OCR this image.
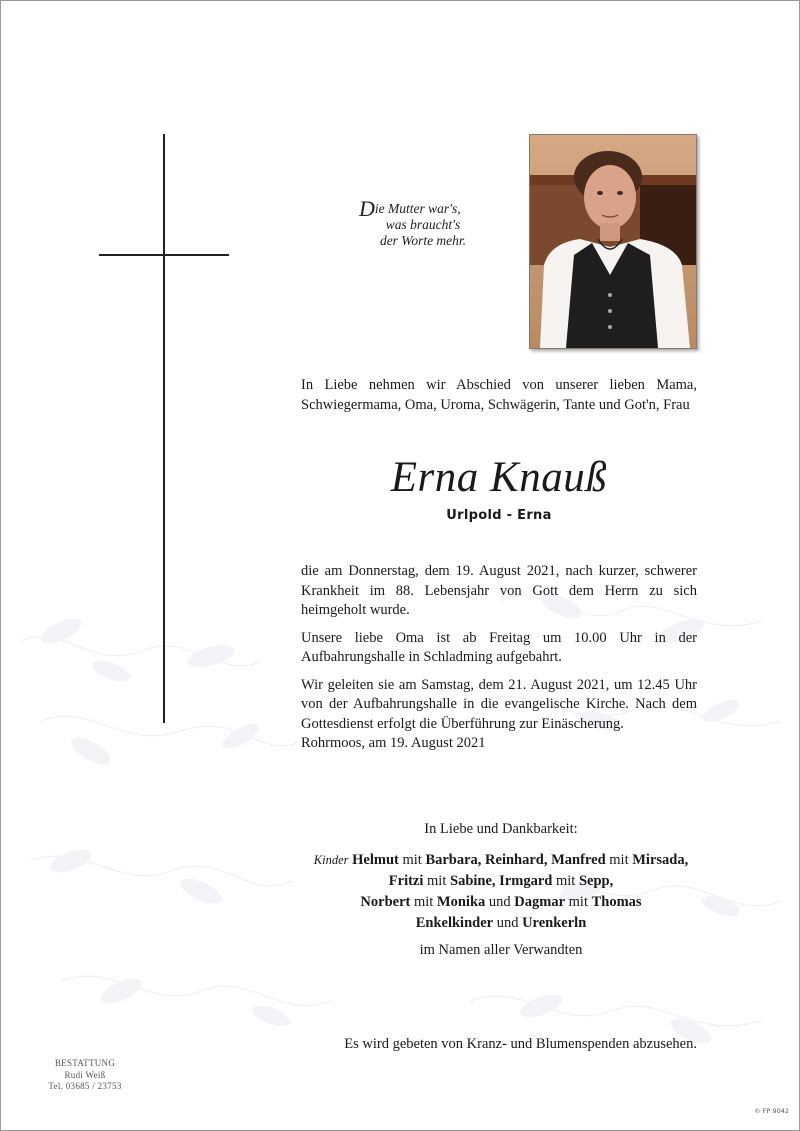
Die Mutter war's,
was braucht's
der Worte mehr.
In Liebe nehmen wir Abschied von unserer lieben Mama, Schwiegermama, Oma, Uroma, Schwägerin, Tante und Got'n, Frau
Erna Knauß
Urlpold - Erna

die am Donnerstag, dem 19. August 2021, nach kurzer, schwerer Krankheit im 88. Lebensjahr von Gott dem Herrn zu sich heimgeholt wurde.

Unsere liebe Oma ist ab Freitag um 10.00 Uhr in der Aufbahrungshalle in Schladming aufgebahrt.

Wir geleiten sie am Samstag, dem 21. August 2021, um 12.45 Uhr von der Aufbahrungshalle in die evangelische Kirche. Nach dem Gottesdienst erfolgt die Überführung zur Einäscherung.

Rohrmoos, am 19. August 2021
In Liebe und Dankbarkeit:
Kinder Helmut mit Barbara, Reinhard, Manfred mit Mirsada,
Fritzi mit Sabine, Irmgard mit Sepp,
Norbert mit Monika und Dagmar mit Thomas
Enkelkinder und Urenkerln
im Namen aller Verwandten
Es wird gebeten von Kranz- und Blumenspenden abzusehen.
BESTATTUNG
Rudi Weiß
Tel. 03685 / 23753
© FP 9042
